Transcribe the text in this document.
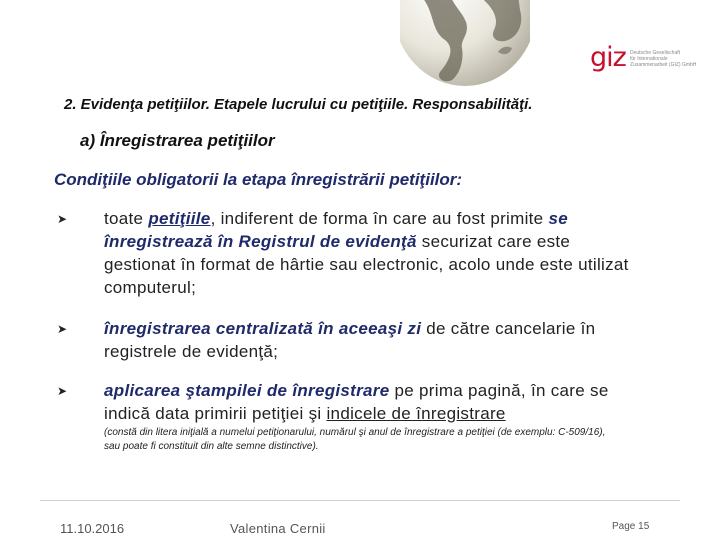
giz Deutsche Gesellschaft
für Internationale
Zusammenarbeit (GIZ) GmbH
2. Evidenţa petiţiilor. Etapele lucrului cu petiţiile. Responsabilităţi.
a) Înregistrarea petiţiilor
Condiţiile obligatorii la etapa înregistrării petiţiilor:
➤ toate petiţiile, indiferent de forma în care au fost primite se înregistrează în Registrul de evidenţă securizat care este gestionat în format de hârtie sau electronic, acolo unde este utilizat computerul;
➤ înregistrarea centralizată în aceeaşi zi de către cancelarie în registrele de evidenţă;
➤ aplicarea ştampilei de înregistrare pe prima pagină, în care se indică data primirii petiţiei şi indicele de înregistrare
(constă din litera iniţială a numelui petiţionarului, numărul şi anul de înregistrare a petiţiei (de exemplu: C-509/16), sau poate fi constituit din alte semne distinctive).
11.10.2016	Valentina Cernii	Page 15
